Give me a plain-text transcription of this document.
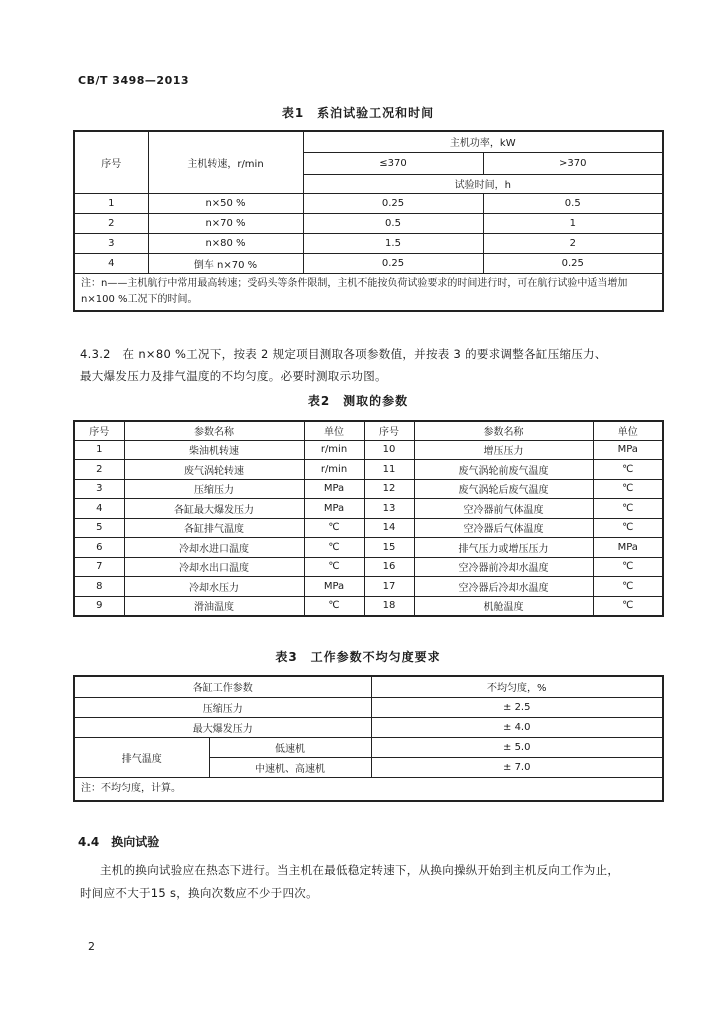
CB/T 3498—2013
表1　系泊试验工况和时间
序号	主机转速，r/min	主机功率，kW	
		≤370	>370
		试验时间，h	
1	n×50 %	0.25	0.5
2	n×70 %	0.5	1
3	n×80 %	1.5	2
4	倒车 n×70 %	0.25	0.25
注：n——主机航行中常用最高转速；受码头等条件限制，主机不能按负荷试验要求的时间进行时，可在航行试验中适当增加n×100 %工况下的时间。			
4.3.2　在 n×80 %工况下，按表 2 规定项目测取各项参数值，并按表 3 的要求调整各缸压缩压力、
最大爆发压力及排气温度的不均匀度。必要时测取示功图。
表2　测取的参数
序号	参数名称	单位	序号	参数名称	单位
1	柴油机转速	r/min	10	增压压力	MPa
2	废气涡轮转速	r/min	11	废气涡轮前废气温度	℃
3	压缩压力	MPa	12	废气涡轮后废气温度	℃
4	各缸最大爆发压力	MPa	13	空冷器前气体温度	℃
5	各缸排气温度	℃	14	空冷器后气体温度	℃
6	冷却水进口温度	℃	15	排气压力或增压压力	MPa
7	冷却水出口温度	℃	16	空冷器前冷却水温度	℃
8	冷却水压力	MPa	17	空冷器后冷却水温度	℃
9	滑油温度	℃	18	机舱温度	℃
表3　工作参数不均匀度要求
各缸工作参数		不均匀度，%
压缩压力		± 2.5
最大爆发压力		± 4.0
排气温度	低速机	± 5.0
	中速机、高速机	± 7.0
注：不均匀度，计算。		
4.4　换向试验
主机的换向试验应在热态下进行。当主机在最低稳定转速下，从换向操纵开始到主机反向工作为止，
时间应不大于15 s，换向次数应不少于四次。
2
